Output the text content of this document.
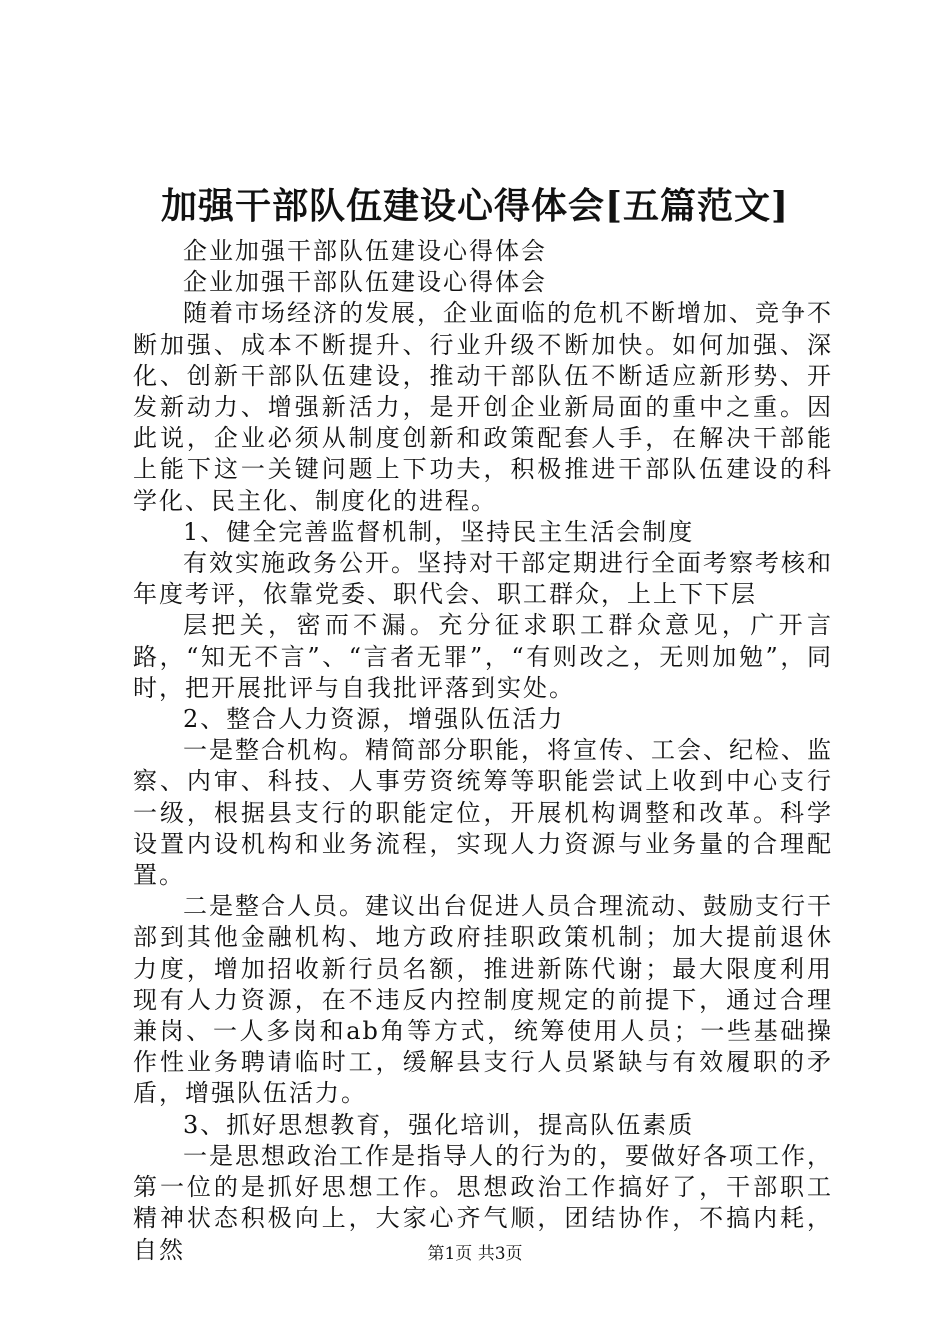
加强干部队伍建设心得体会[五篇范文]

企业加强干部队伍建设心得体会

企业加强干部队伍建设心得体会

随着市场经济的发展，企业面临的危机不断增加、竞争不断加强、成本不断提升、行业升级不断加快。如何加强、深化、创新干部队伍建设，推动干部队伍不断适应新形势、开发新动力、增强新活力，是开创企业新局面的重中之重。因此说，企业必须从制度创新和政策配套人手，在解决干部能上能下这一关键问题上下功夫，积极推进干部队伍建设的科学化、民主化、制度化的进程。

1、健全完善监督机制，坚持民主生活会制度

有效实施政务公开。坚持对干部定期进行全面考察考核和年度考评，依靠党委、职代会、职工群众，上上下下层

层把关，密而不漏。充分征求职工群众意见，广开言路，“知无不言”、“言者无罪”，“有则改之，无则加勉”，同时，把开展批评与自我批评落到实处。

2、整合人力资源，增强队伍活力

一是整合机构。精简部分职能，将宣传、工会、纪检、监察、内审、科技、人事劳资统筹等职能尝试上收到中心支行一级，根据县支行的职能定位，开展机构调整和改革。科学设置内设机构和业务流程，实现人力资源与业务量的合理配置。

二是整合人员。建议出台促进人员合理流动、鼓励支行干部到其他金融机构、地方政府挂职政策机制；加大提前退休力度，增加招收新行员名额，推进新陈代谢；最大限度利用现有人力资源，在不违反内控制度规定的前提下，通过合理兼岗、一人多岗和ab角等方式，统筹使用人员；一些基础操作性业务聘请临时工，缓解县支行人员紧缺与有效履职的矛盾，增强队伍活力。

3、抓好思想教育，强化培训，提高队伍素质

一是思想政治工作是指导人的行为的，要做好各项工作，第一位的是抓好思想工作。思想政治工作搞好了，干部职工精神状态积极向上，大家心齐气顺，团结协作，不搞内耗，自然	第1页 共3页
